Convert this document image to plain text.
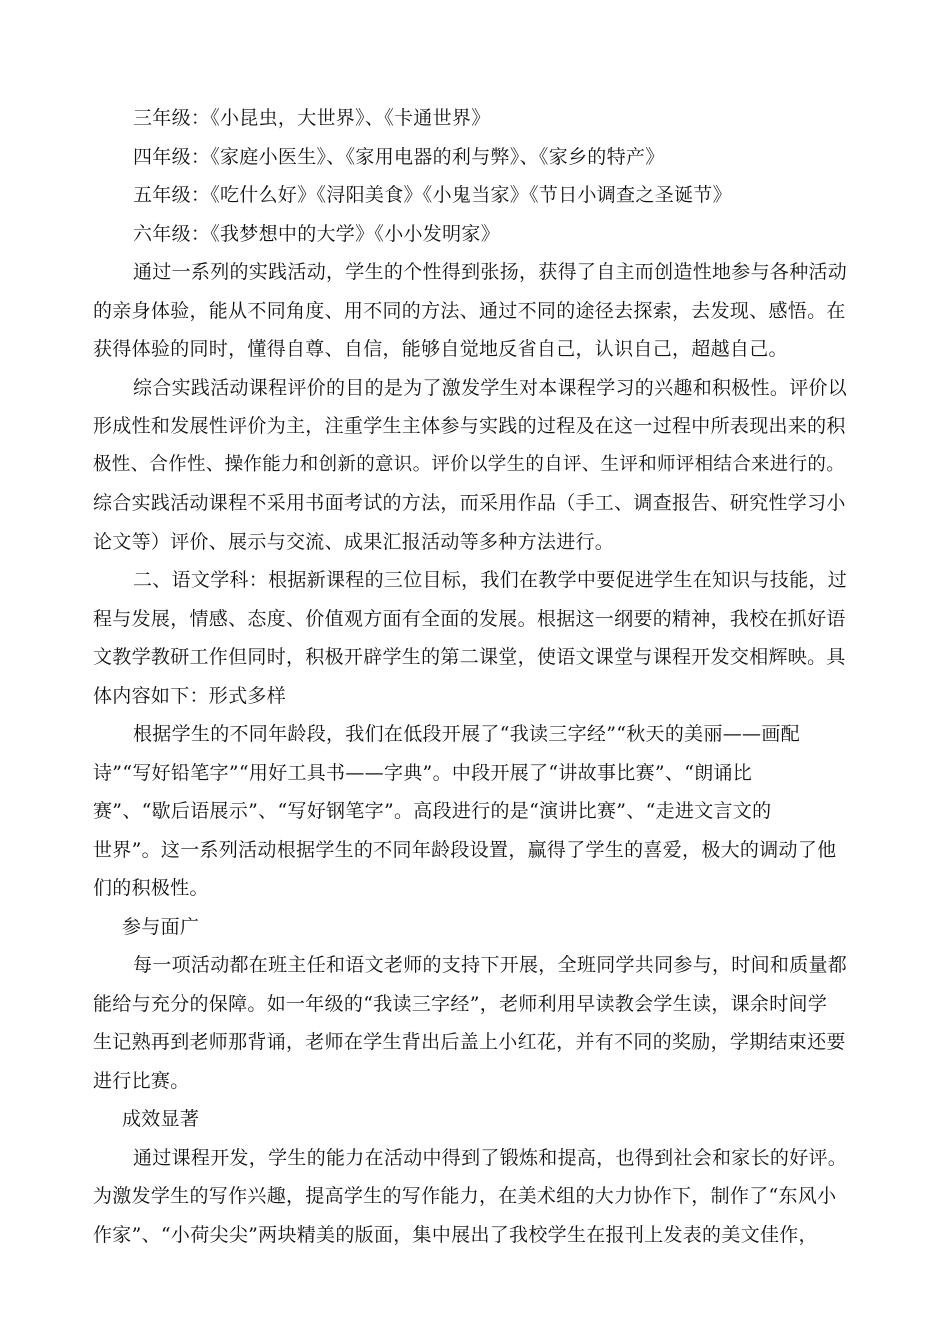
三年级：《小昆虫，大世界》、《卡通世界》
四年级：《家庭小医生》、《家用电器的利与弊》、《家乡的特产》
五年级：《吃什么好》《浔阳美食》《小鬼当家》《节日小调查之圣诞节》
六年级：《我梦想中的大学》《小小发明家》
通过一系列的实践活动，学生的个性得到张扬，获得了自主而创造性地参与各种活动
的亲身体验，能从不同角度、用不同的方法、通过不同的途径去探索，去发现、感悟。在
获得体验的同时，懂得自尊、自信，能够自觉地反省自己，认识自己，超越自己。
综合实践活动课程评价的目的是为了激发学生对本课程学习的兴趣和积极性。评价以
形成性和发展性评价为主，注重学生主体参与实践的过程及在这一过程中所表现出来的积
极性、合作性、操作能力和创新的意识。评价以学生的自评、生评和师评相结合来进行的。
综合实践活动课程不采用书面考试的方法，而采用作品（手工、调查报告、研究性学习小
论文等）评价、展示与交流、成果汇报活动等多种方法进行。
二、语文学科：根据新课程的三位目标，我们在教学中要促进学生在知识与技能，过
程与发展，情感、态度、价值观方面有全面的发展。根据这一纲要的精神，我校在抓好语
文教学教研工作但同时，积极开辟学生的第二课堂，使语文课堂与课程开发交相辉映。具
体内容如下：形式多样
根据学生的不同年龄段，我们在低段开展了“我读三字经”“秋天的美丽——画配
诗”“写好铅笔字”“用好工具书——字典”。中段开展了“讲故事比赛”、“朗诵比
赛”、“歇后语展示”、“写好钢笔字”。高段进行的是“演讲比赛”、“走进文言文的
世界”。这一系列活动根据学生的不同年龄段设置，赢得了学生的喜爱，极大的调动了他
们的积极性。
参与面广
每一项活动都在班主任和语文老师的支持下开展，全班同学共同参与，时间和质量都
能给与充分的保障。如一年级的“我读三字经”，老师利用早读教会学生读，课余时间学
生记熟再到老师那背诵，老师在学生背出后盖上小红花，并有不同的奖励，学期结束还要
进行比赛。
成效显著
通过课程开发，学生的能力在活动中得到了锻炼和提高，也得到社会和家长的好评。
为激发学生的写作兴趣，提高学生的写作能力，在美术组的大力协作下，制作了“东风小
作家”、“小荷尖尖”两块精美的版面，集中展出了我校学生在报刊上发表的美文佳作，
